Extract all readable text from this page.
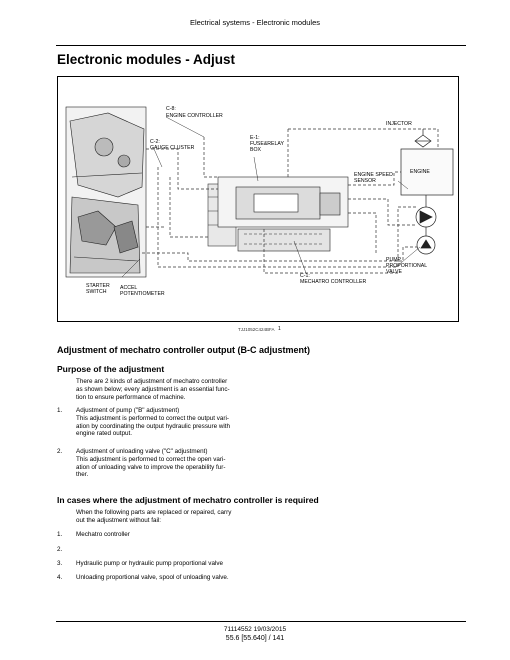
Electrical systems - Electronic modules
Electronic modules - Adjust
C-8:
ENGINE CONTROLLER
C-2:
GAUGE CLUSTER
E-1:
FUSE&RELAY
BOX
INJECTOR
ENGINE
ENGINE SPEED
SENSOR
PUMP
PROPORTIONAL
VALVE
C-1:
MECHATRO CONTROLLER
STARTER
SWITCH
ACCEL
POTENTIOMETER
TJJ1052C424BFA 1
Adjustment of mechatro controller output (B-C adjustment)
Purpose of the adjustment
There are 2 kinds of adjustment of mechatro controller
as shown below; every adjustment is an essential func-
tion to ensure performance of machine.
1. Adjustment of pump ("B" adjustment)
This adjustment is performed to correct the output vari-
ation by coordinating the output hydraulic pressure with
engine rated output.
2. Adjustment of unloading valve ("C" adjustment)
This adjustment is performed to correct the open vari-
ation of unloading valve to improve the operability fur-
ther.
In cases where the adjustment of mechatro controller is required
When the following parts are replaced or repaired, carry
out the adjustment without fail:
1. Mechatro controller
2.
3. Hydraulic pump or hydraulic pump proportional valve
4. Unloading proportional valve, spool of unloading valve.
71114552 19/03/2015
55.6 [55.640] / 141
